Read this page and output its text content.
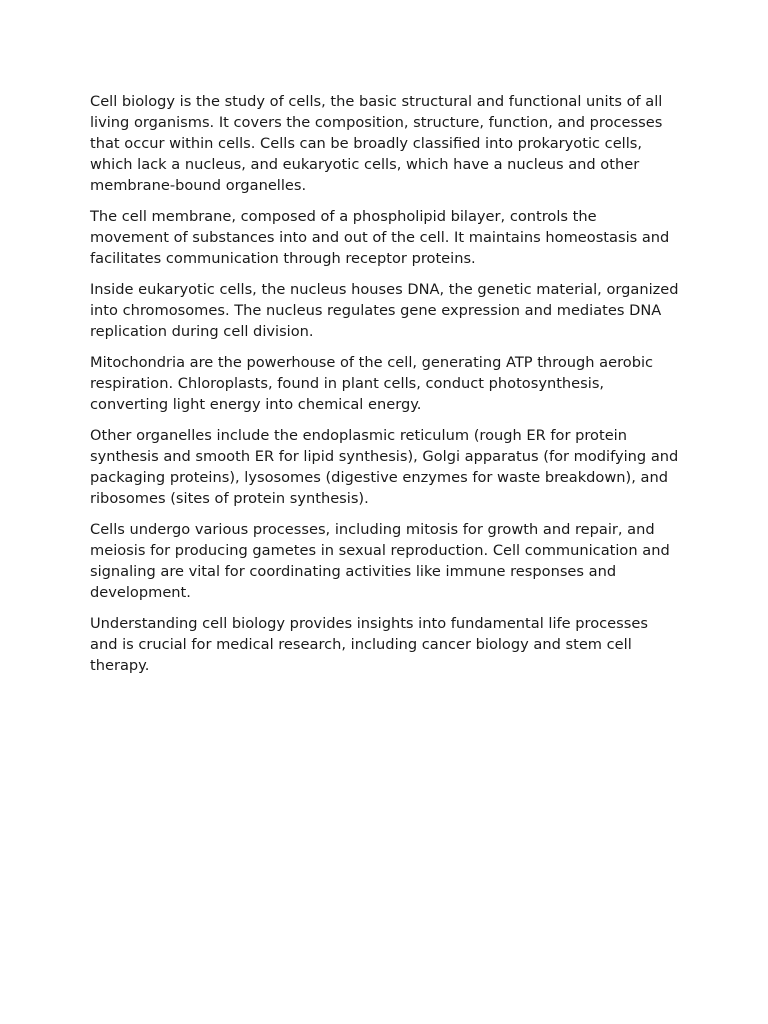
Cell biology is the study of cells, the basic structural and functional units of all living organisms. It covers the composition, structure, function, and processes that occur within cells. Cells can be broadly classified into prokaryotic cells, which lack a nucleus, and eukaryotic cells, which have a nucleus and other membrane-bound organelles.

The cell membrane, composed of a phospholipid bilayer, controls the movement of substances into and out of the cell. It maintains homeostasis and facilitates communication through receptor proteins.

Inside eukaryotic cells, the nucleus houses DNA, the genetic material, organized into chromosomes. The nucleus regulates gene expression and mediates DNA replication during cell division.

Mitochondria are the powerhouse of the cell, generating ATP through aerobic respiration. Chloroplasts, found in plant cells, conduct photosynthesis, converting light energy into chemical energy.

Other organelles include the endoplasmic reticulum (rough ER for protein synthesis and smooth ER for lipid synthesis), Golgi apparatus (for modifying and packaging proteins), lysosomes (digestive enzymes for waste breakdown), and ribosomes (sites of protein synthesis).

Cells undergo various processes, including mitosis for growth and repair, and meiosis for producing gametes in sexual reproduction. Cell communication and signaling are vital for coordinating activities like immune responses and development.

Understanding cell biology provides insights into fundamental life processes and is crucial for medical research, including cancer biology and stem cell therapy.
